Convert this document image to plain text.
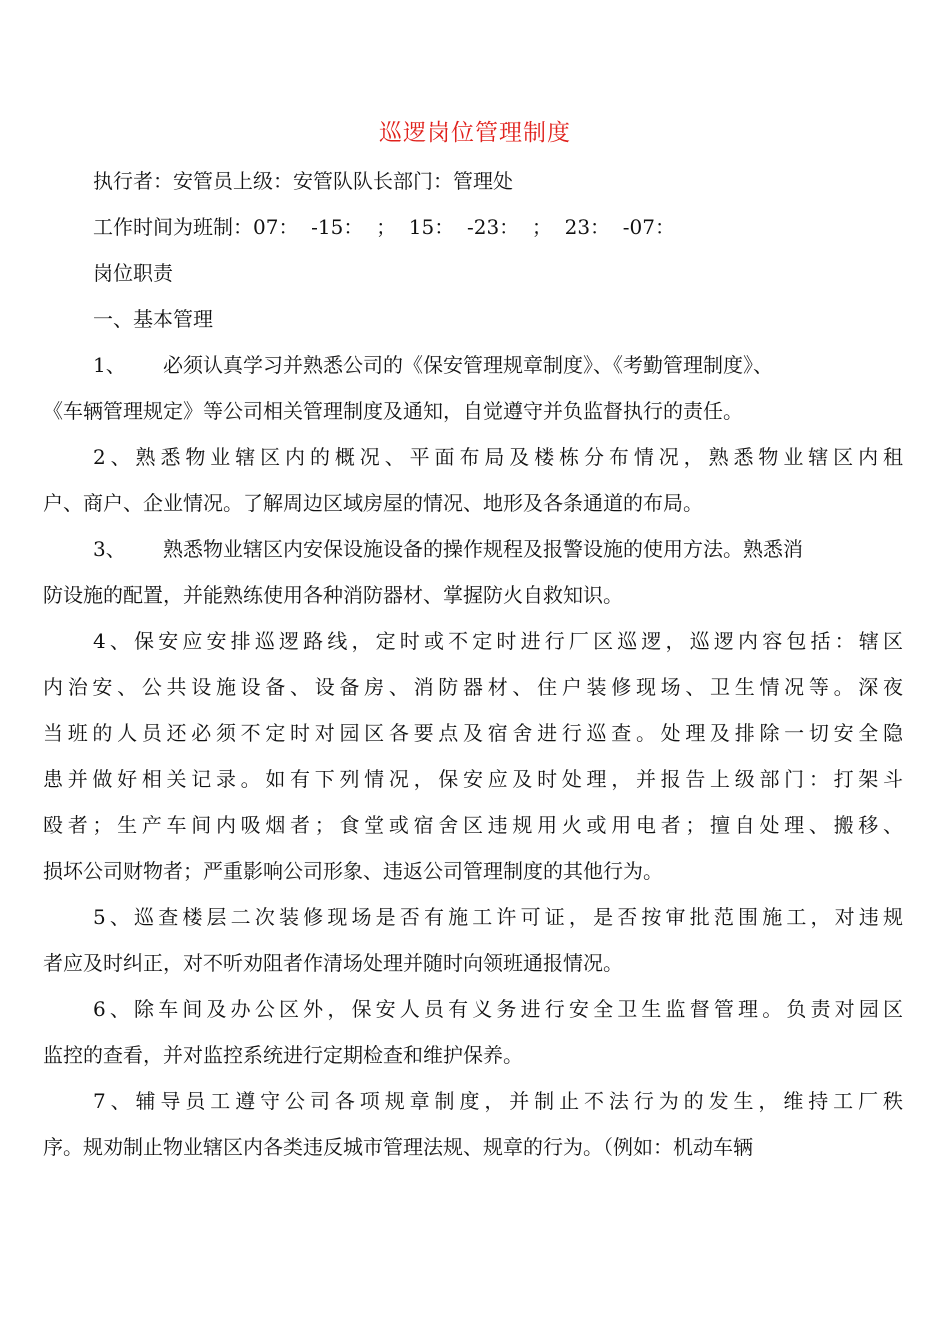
巡逻岗位管理制度
执行者：安管员上级：安管队队长部门：管理处
工作时间为班制：07：  -15：  ；  15：  -23：  ；  23：  -07：
岗位职责
一、基本管理
1、 必须认真学习并熟悉公司的《保安管理规章制度》、《考勤管理制度》、
《车辆管理规定》等公司相关管理制度及通知，自觉遵守并负监督执行的责任。
2、熟悉物业辖区内的概况、平面布局及楼栋分布情况，熟悉物业辖区内租
户、商户、企业情况。了解周边区域房屋的情况、地形及各条通道的布局。
3、 熟悉物业辖区内安保设施设备的操作规程及报警设施的使用方法。熟悉消
防设施的配置，并能熟练使用各种消防器材、掌握防火自救知识。
4、保安应安排巡逻路线，定时或不定时进行厂区巡逻，巡逻内容包括：辖区
内治安、公共设施设备、设备房、消防器材、住户装修现场、卫生情况等。深夜
当班的人员还必须不定时对园区各要点及宿舍进行巡查。处理及排除一切安全隐
患并做好相关记录。如有下列情况，保安应及时处理，并报告上级部门：打架斗
殴者；生产车间内吸烟者；食堂或宿舍区违规用火或用电者；擅自处理、搬移、
损坏公司财物者；严重影响公司形象、违返公司管理制度的其他行为。
5、巡查楼层二次装修现场是否有施工许可证，是否按审批范围施工，对违规
者应及时纠正，对不听劝阻者作清场处理并随时向领班通报情况。
6、除车间及办公区外，保安人员有义务进行安全卫生监督管理。负责对园区
监控的查看，并对监控系统进行定期检查和维护保养。
7、辅导员工遵守公司各项规章制度，并制止不法行为的发生，维持工厂秩
序。规劝制止物业辖区内各类违反城市管理法规、规章的行为。（例如：机动车辆
